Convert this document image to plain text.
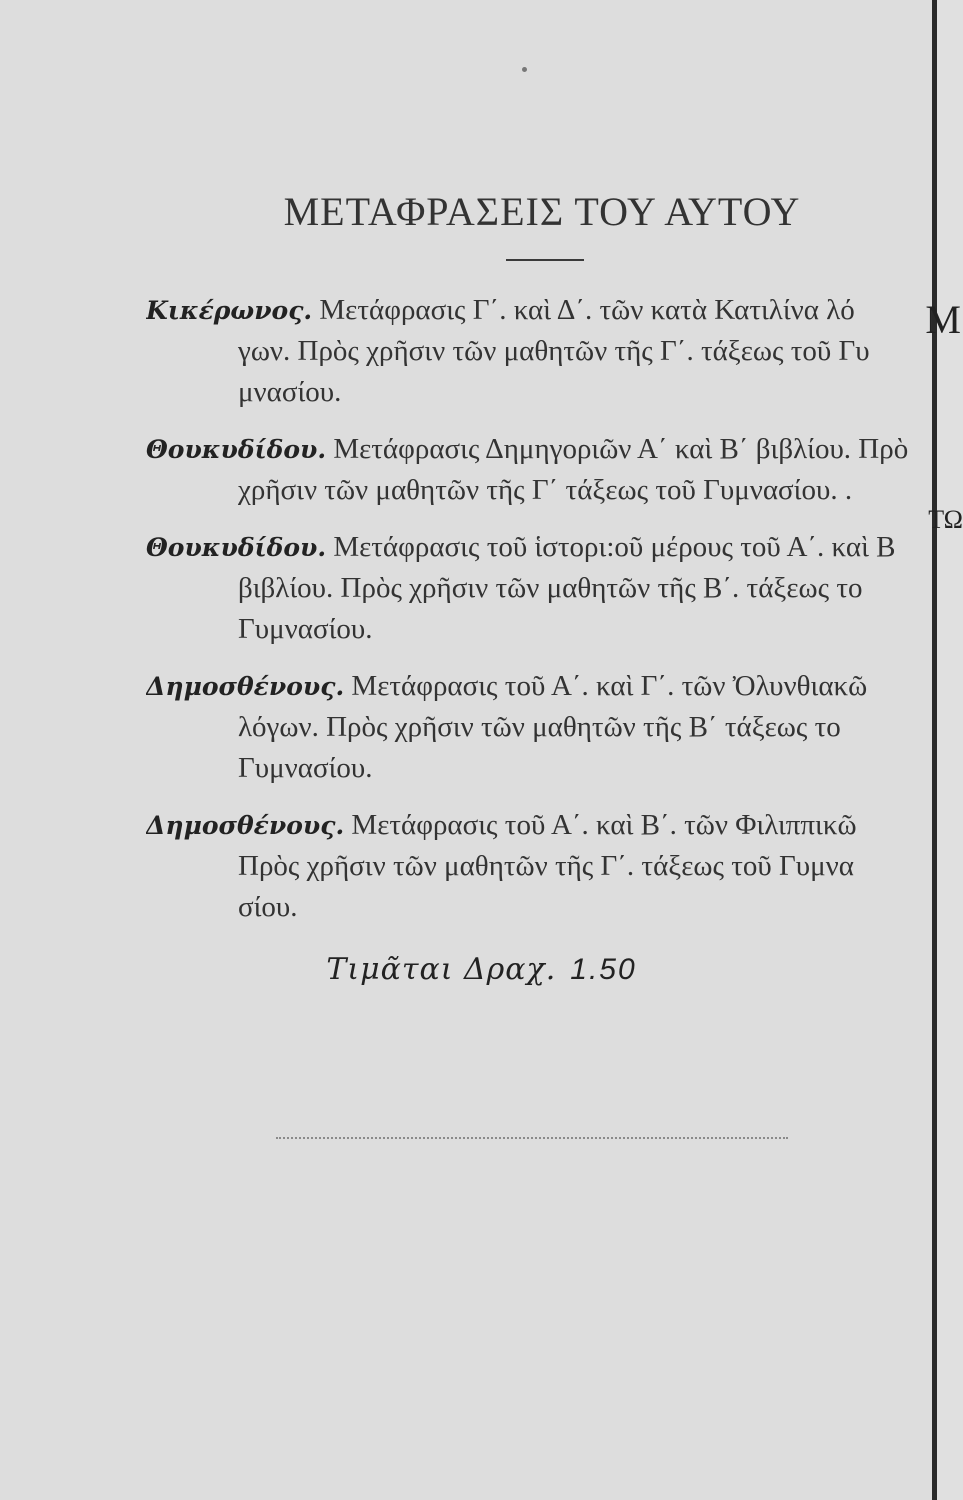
Μ
ΤΩ
ΜΕΤΑΦΡΑΣΕΙΣ ΤΟΥ ΑΥΤΟΥ
Κικέρωνος. Μετάφρασις Γ΄. καὶ Δ΄. τῶν κατὰ Κατιλίνα λό
γων. Πρὸς χρῆσιν τῶν μαθητῶν τῆς Γ΄. τάξεως τοῦ Γυ
μνασίου.
Θουκυδίδου. Μετάφρασις Δημηγοριῶν Α΄ καὶ Β΄ βιβλίου. Πρὸ
χρῆσιν τῶν μαθητῶν τῆς Γ΄ τάξεως τοῦ Γυμνασίου. .
Θουκυδίδου. Μετάφρασις τοῦ ἱστορι:οῦ μέρους τοῦ Α΄. καὶ Β
βιβλίου. Πρὸς χρῆσιν τῶν μαθητῶν τῆς Β΄. τάξεως το
Γυμνασίου.
Δημοσθένους. Μετάφρασις τοῦ Α΄. καὶ Γ΄. τῶν Ὀλυνθιακῶ
λόγων. Πρὸς χρῆσιν τῶν μαθητῶν τῆς Β΄ τάξεως το
Γυμνασίου.
Δημοσθένους. Μετάφρασις τοῦ Α΄. καὶ Β΄. τῶν Φιλιππικῶ
Πρὸς χρῆσιν τῶν μαθητῶν τῆς Γ΄. τάξεως τοῦ Γυμνα
σίου.
Τιμᾶται Δραχ. 1.50
